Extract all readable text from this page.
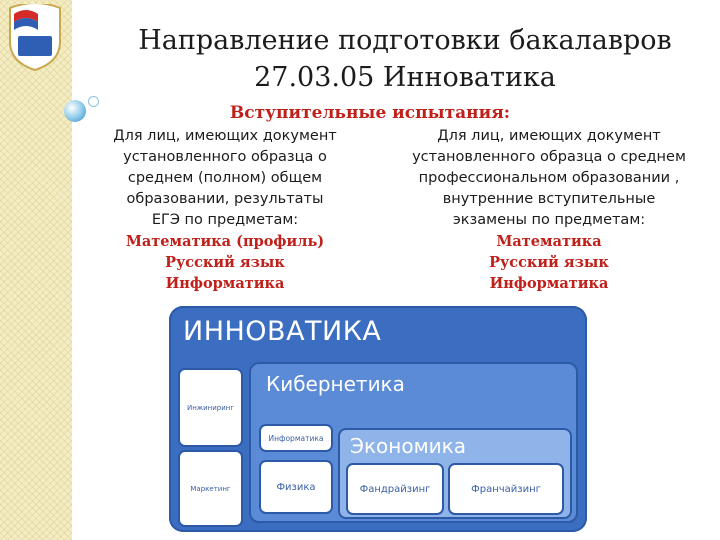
Направление подготовки бакалавров
27.03.05 Инноватика
Вступительные испытания:

Для лиц, имеющих документ

установленного образца о

среднем (полном) общем

образовании, результаты

ЕГЭ по предметам:

Математика (профиль)

Русский язык

Информатика

Для лиц, имеющих документ

установленного образца о среднем

профессиональном образовании ,

внутренние вступительные

экзамены по предметам:

Математика

Русский язык

Информатика

ИННОВАТИКА
Инжиниринг
Маркетинг
Кибернетика
Информатика
Физика
Экономика
Фандрайзинг	Франчайзинг
